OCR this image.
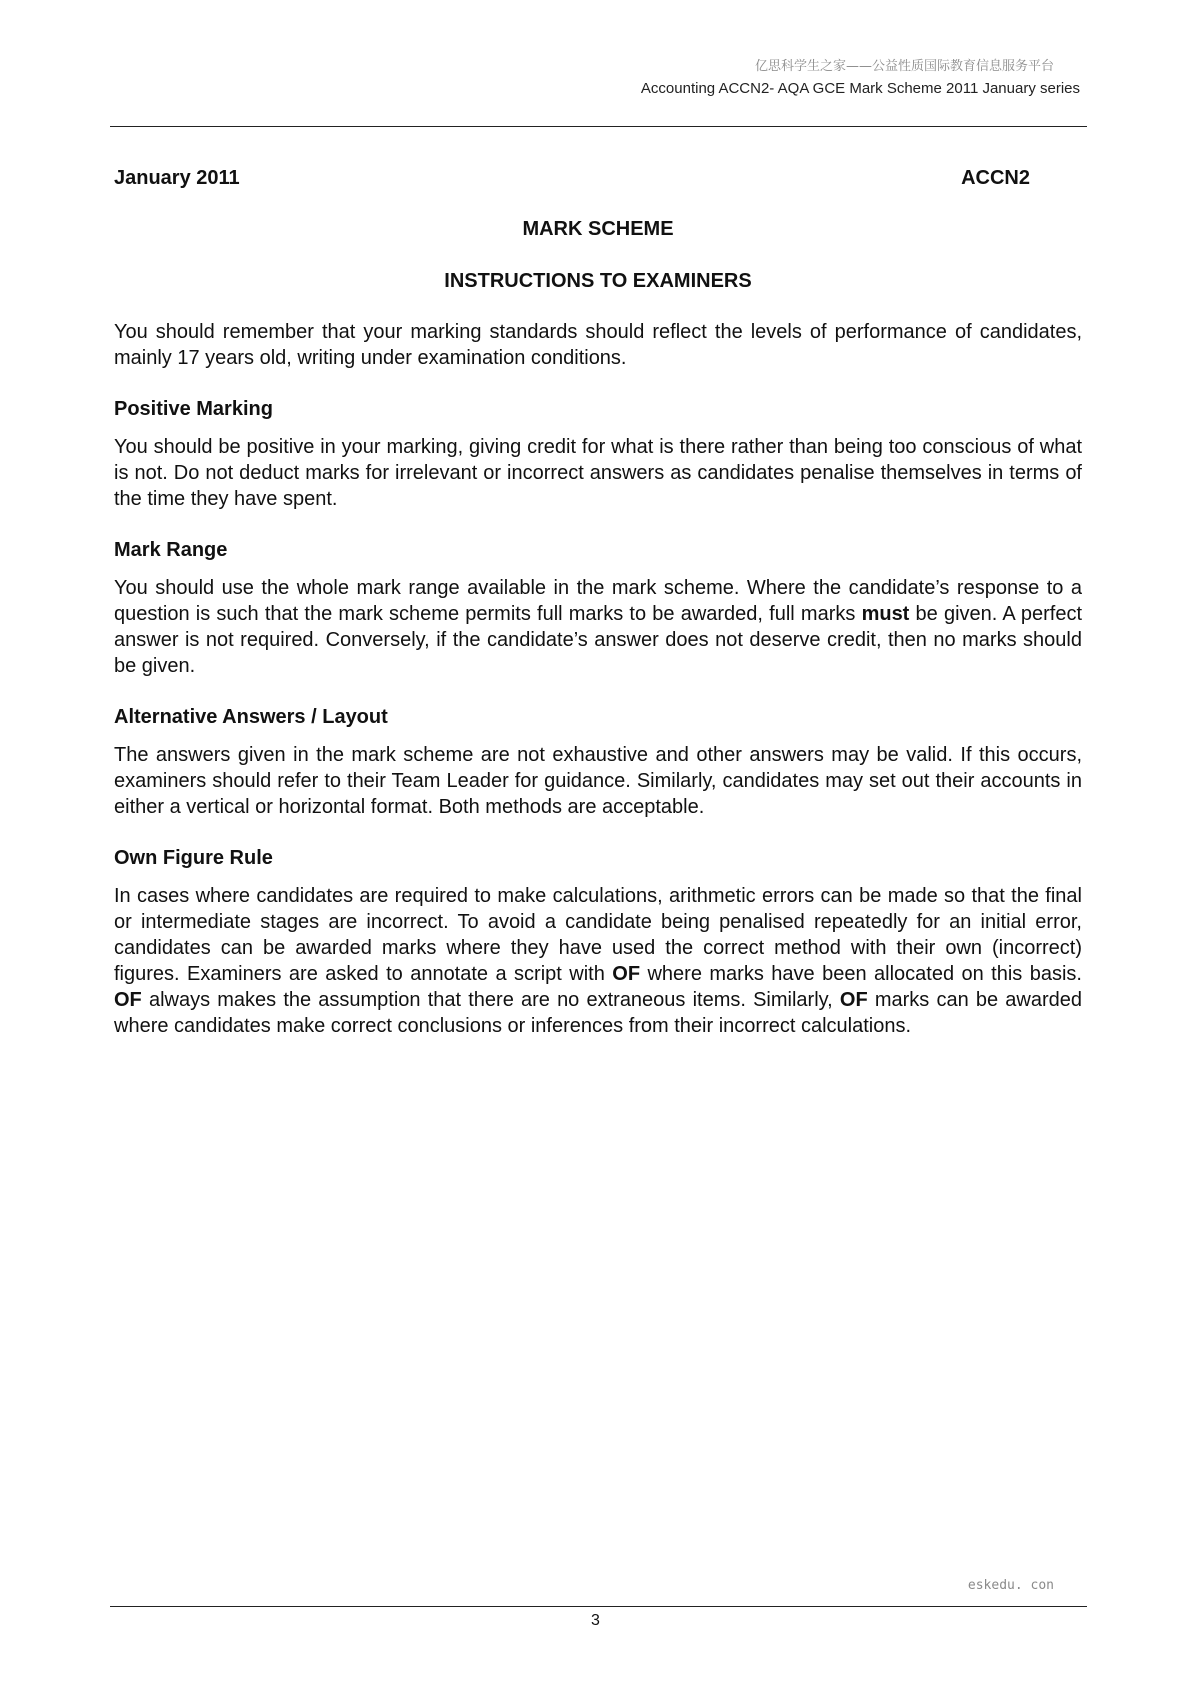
亿思科学生之家——公益性质国际教育信息服务平台
Accounting ACCN2- AQA GCE Mark Scheme 2011 January series
January 2011	ACCN2
MARK SCHEME
INSTRUCTIONS TO EXAMINERS

You should remember that your marking standards should reflect the levels of performance of candidates, mainly 17 years old, writing under examination conditions.

Positive Marking

You should be positive in your marking, giving credit for what is there rather than being too conscious of what is not. Do not deduct marks for irrelevant or incorrect answers as candidates penalise themselves in terms of the time they have spent.

Mark Range

You should use the whole mark range available in the mark scheme. Where the candidate’s response to a question is such that the mark scheme permits full marks to be awarded, full marks must be given. A perfect answer is not required. Conversely, if the candidate’s answer does not deserve credit, then no marks should be given.

Alternative Answers / Layout

The answers given in the mark scheme are not exhaustive and other answers may be valid. If this occurs, examiners should refer to their Team Leader for guidance. Similarly, candidates may set out their accounts in either a vertical or horizontal format. Both methods are acceptable.

Own Figure Rule

In cases where candidates are required to make calculations, arithmetic errors can be made so that the final or intermediate stages are incorrect. To avoid a candidate being penalised repeatedly for an initial error, candidates can be awarded marks where they have used the correct method with their own (incorrect) figures. Examiners are asked to annotate a script with OF where marks have been allocated on this basis. OF always makes the assumption that there are no extraneous items. Similarly, OF marks can be awarded where candidates make correct conclusions or inferences from their incorrect calculations.

eskedu. con
3
